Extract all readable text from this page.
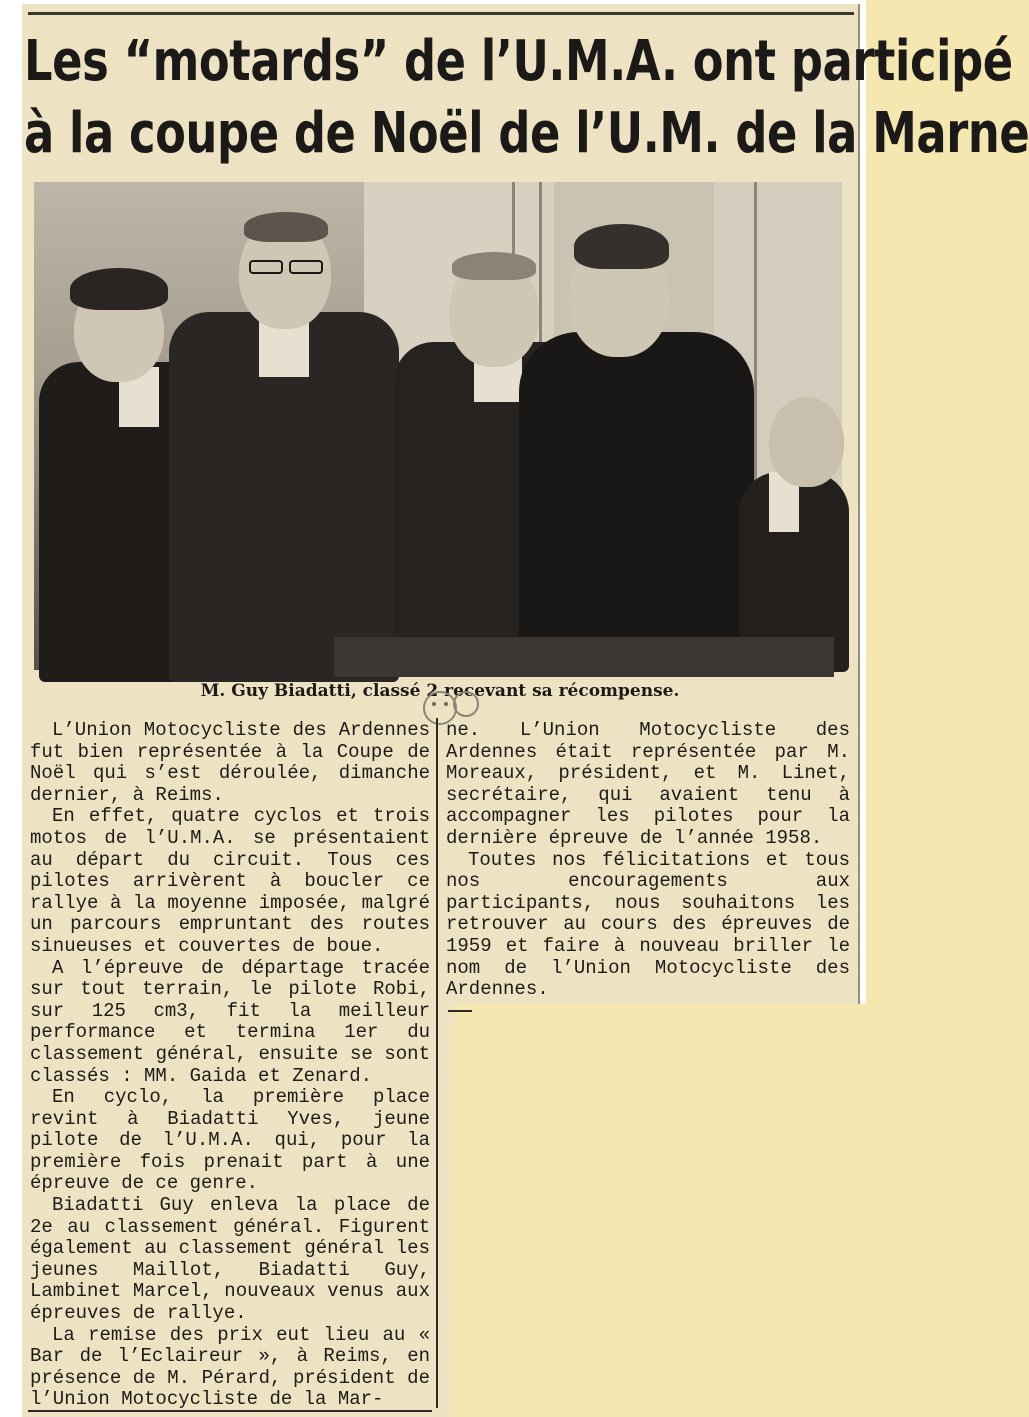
Les “motards” de l’U.M.A. ont participé
à la coupe de Noël de l’U.M. de la Marne

M. Guy Biadatti, classé 2 recevant sa récompense.

L’Union Motocycliste des Ardennes fut bien représentée à la Coupe de Noël qui s’est déroulée, dimanche dernier, à Reims.
En effet, quatre cyclos et trois motos de l’U.M.A. se présentaient au départ du circuit. Tous ces pilotes arrivèrent à boucler ce rallye à la moyenne imposée, malgré un parcours empruntant des routes sinueuses et couvertes de boue.
A l’épreuve de départage tracée sur tout terrain, le pilote Robi, sur 125 cm3, fit la meilleur performance et termina 1er du classement général, ensuite se sont classés : MM. Gaida et Zenard.
En cyclo, la première place revint à Biadatti Yves, jeune pilote de l’U.M.A. qui, pour la première fois prenait part à une épreuve de ce genre.
Biadatti Guy enleva la place de 2e au classement général. Figurent également au classement général les jeunes Maillot, Biadatti Guy, Lambinet Marcel, nouveaux venus aux épreuves de rallye.
La remise des prix eut lieu au « Bar de l’Eclaireur », à Reims, en présence de M. Pérard, président de l’Union Motocycliste de la Mar-
ne. L’Union Motocycliste des Ardennes était représentée par M. Moreaux, président, et M. Linet, secrétaire, qui avaient tenu à accompagner les pilotes pour la dernière épreuve de l’année 1958.
Toutes nos félicitations et tous nos encouragements aux participants, nous souhaitons les retrouver au cours des épreuves de 1959 et faire à nouveau briller le nom de l’Union Motocycliste des Ardennes.
